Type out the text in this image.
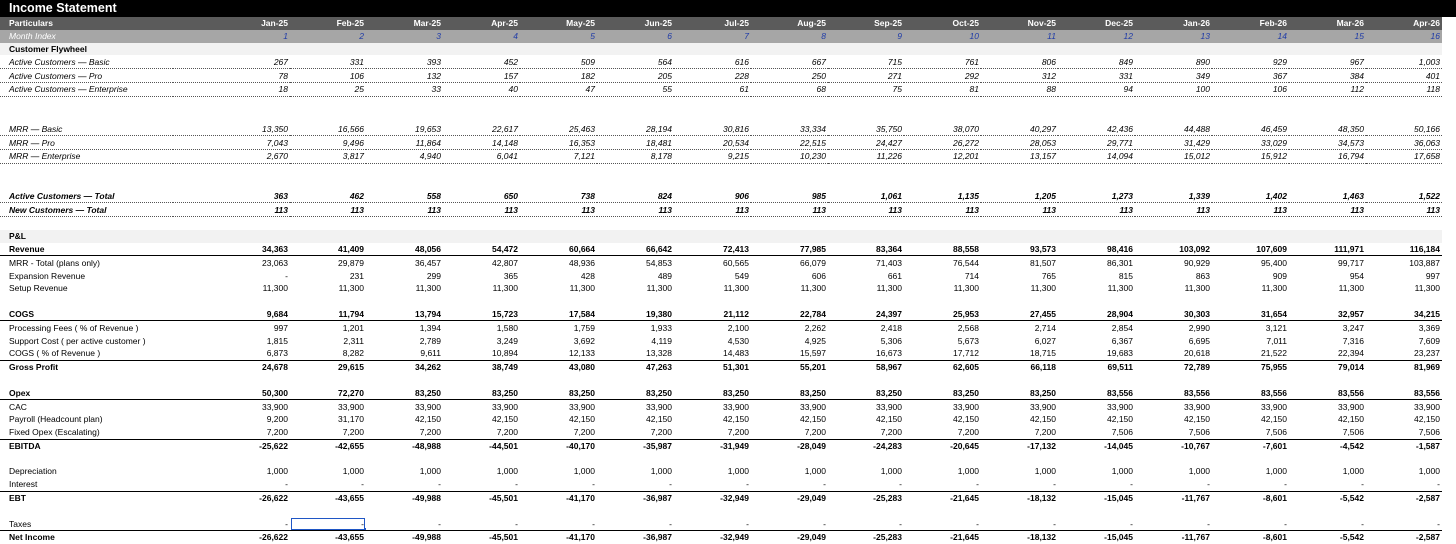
Income Statement
Particulars	Jan-25	Feb-25	Mar-25	Apr-25	May-25	Jun-25	Jul-25	Aug-25	Sep-25	Oct-25	Nov-25	Dec-25	Jan-26	Feb-26	Mar-26	Apr-26
Month Index	1	2	3	4	5	6	7	8	9	10	11	12	13	14	15	16
Customer Flywheel																
Active Customers — Basic	267	331	393	452	509	564	616	667	715	761	806	849	890	929	967	1,003
Active Customers — Pro	78	106	132	157	182	205	228	250	271	292	312	331	349	367	384	401
Active Customers — Enterprise	18	25	33	40	47	55	61	68	75	81	88	94	100	106	112	118

MRR — Basic	13,350	16,566	19,653	22,617	25,463	28,194	30,816	33,334	35,750	38,070	40,297	42,436	44,488	46,459	48,350	50,166
MRR — Pro	7,043	9,496	11,864	14,148	16,353	18,481	20,534	22,515	24,427	26,272	28,053	29,771	31,429	33,029	34,573	36,063
MRR — Enterprise	2,670	3,817	4,940	6,041	7,121	8,178	9,215	10,230	11,226	12,201	13,157	14,094	15,012	15,912	16,794	17,658

Active Customers — Total	363	462	558	650	738	824	906	985	1,061	1,135	1,205	1,273	1,339	1,402	1,463	1,522
New Customers — Total	113	113	113	113	113	113	113	113	113	113	113	113	113	113	113	113

P&L																
Revenue	34,363	41,409	48,056	54,472	60,664	66,642	72,413	77,985	83,364	88,558	93,573	98,416	103,092	107,609	111,971	116,184
MRR - Total (plans only)	23,063	29,879	36,457	42,807	48,936	54,853	60,565	66,079	71,403	76,544	81,507	86,301	90,929	95,400	99,717	103,887
Expansion Revenue	-	231	299	365	428	489	549	606	661	714	765	815	863	909	954	997
Setup Revenue	11,300	11,300	11,300	11,300	11,300	11,300	11,300	11,300	11,300	11,300	11,300	11,300	11,300	11,300	11,300	11,300

COGS	9,684	11,794	13,794	15,723	17,584	19,380	21,112	22,784	24,397	25,953	27,455	28,904	30,303	31,654	32,957	34,215
Processing Fees ( % of Revenue )	997	1,201	1,394	1,580	1,759	1,933	2,100	2,262	2,418	2,568	2,714	2,854	2,990	3,121	3,247	3,369
Support Cost ( per active customer )	1,815	2,311	2,789	3,249	3,692	4,119	4,530	4,925	5,306	5,673	6,027	6,367	6,695	7,011	7,316	7,609
COGS ( % of Revenue )	6,873	8,282	9,611	10,894	12,133	13,328	14,483	15,597	16,673	17,712	18,715	19,683	20,618	21,522	22,394	23,237
Gross Profit	24,678	29,615	34,262	38,749	43,080	47,263	51,301	55,201	58,967	62,605	66,118	69,511	72,789	75,955	79,014	81,969

Opex	50,300	72,270	83,250	83,250	83,250	83,250	83,250	83,250	83,250	83,250	83,250	83,556	83,556	83,556	83,556	83,556
CAC	33,900	33,900	33,900	33,900	33,900	33,900	33,900	33,900	33,900	33,900	33,900	33,900	33,900	33,900	33,900	33,900
Payroll (Headcount plan)	9,200	31,170	42,150	42,150	42,150	42,150	42,150	42,150	42,150	42,150	42,150	42,150	42,150	42,150	42,150	42,150
Fixed Opex (Escalating)	7,200	7,200	7,200	7,200	7,200	7,200	7,200	7,200	7,200	7,200	7,200	7,506	7,506	7,506	7,506	7,506
EBITDA	-25,622	-42,655	-48,988	-44,501	-40,170	-35,987	-31,949	-28,049	-24,283	-20,645	-17,132	-14,045	-10,767	-7,601	-4,542	-1,587

Depreciation	1,000	1,000	1,000	1,000	1,000	1,000	1,000	1,000	1,000	1,000	1,000	1,000	1,000	1,000	1,000	1,000
Interest	-	-	-	-	-	-	-	-	-	-	-	-	-	-	-	-
EBT	-26,622	-43,655	-49,988	-45,501	-41,170	-36,987	-32,949	-29,049	-25,283	-21,645	-18,132	-15,045	-11,767	-8,601	-5,542	-2,587

Taxes	-	-	-	-	-	-	-	-	-	-	-	-	-	-	-	-
Net Income	-26,622	-43,655	-49,988	-45,501	-41,170	-36,987	-32,949	-29,049	-25,283	-21,645	-18,132	-15,045	-11,767	-8,601	-5,542	-2,587
